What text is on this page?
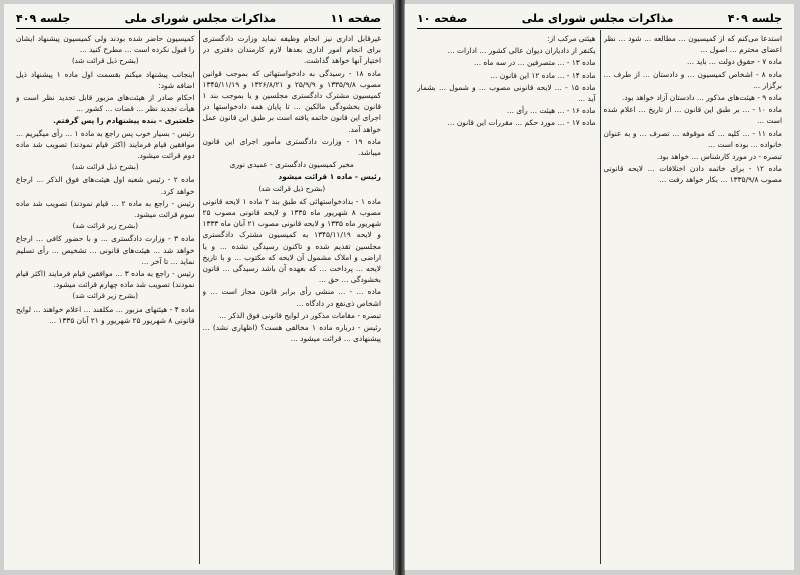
صفحه ۱۱
مذاکرات مجلس شورای ملی
جلسه ۴۰۹

غیرقابل اداری نیز انجام وظیفه نماید وزارت دادگستری برای انجام امور اداری بعدها لازم کارمندان دفتری در اختیار آنها خواهد گذاشت.

ماده ۱۸ - رسیدگی به دادخواستهائی که بموجب قوانین مصوب ۱۳۳۵/۹/۸ و ۲۵/۹/۹ و ۱۳۲۶/۸/۲۱ و ۱۳۴۵/۱۱/۱۹ کمیسیون مشترک دادگستری مجلسین و یا بموجب بند ۱ قانون بخشودگی مالکین ... تا پایان همه دادخواستها در اجرای این قانون خاتمه یافته است بر طبق این قانون عمل خواهد آمد.

ماده ۱۹ - وزارت دادگستری مأمور اجرای این قانون میباشد.

مخبر کمیسیون دادگستری - عمیدی نوری

رئیس - ماده ۱ قرائت میشود

(بشرح ذیل قرائت شد)

ماده ۱ - بدادخواستهائی که طبق بند ۲ ماده ۱ لایحه قانونی مصوب ۸ شهریور ماه ۱۳۳۵ و لایحه قانونی مصوب ۲۵ شهریور ماه ۱۳۳۵ و لایحه قانونی مصوب ۲۱ آبان ماه ۱۳۳۳ و لایحه ۱۳۴۵/۱۱/۱۹ به کمیسیون مشترک دادگستری مجلسین تقدیم شده و تاکنون رسیدگی نشده ... و یا اراضی و املاک مشمول آن لایحه که مکتوب ... و با تاریخ لایحه ... پرداخت ... که بعهده آن باشد رسیدگی ... قانون بخشودگی ... حق ...

ماده ... - ... منشی رأی برابر قانون مجاز است ... و اشخاص ذی‌نفع در دادگاه ...

تبصره - مقامات مذکور در لوایح قانونی فوق الذکر ...

رئیس - درباره ماده ۱ مخالفی هست؟ (اظهاری نشد) ... پیشنهادی ... قرائت میشود ...

کمیسیون حاضر شده بودند ولی کمیسیون پیشنهاد ایشان را قبول نکرده است ... مطرح کنید ...

(بشرح ذیل قرائت شد)

اینجانب پیشنهاد میکنم بقسمت اول ماده ۱ پیشنهاد ذیل اضافه شود:

احکام صادر از هیئت‌های مزبور قابل تجدید نظر است و هیأت تجدید نظر ... قضات ... کشور ...

خلعتبری - بنده پیشنهادم را پس گرفتم.

رئیس - بسیار خوب پس راجع به ماده ۱ ... رأی میگیریم ... موافقین قیام فرمایند (اکثر قیام نمودند) تصویب شد ماده دوم قرائت میشود.

(بشرح ذیل قرائت شد)

ماده ۲ - رئیس شعبه اول هیئت‌های فوق الذکر ... ارجاع خواهد کرد.

رئیس - راجع به ماده ۲ ... قیام نمودند) تصویب شد ماده سوم قرائت میشود.

(بشرح زیر قرائت شد)

ماده ۳ - وزارت دادگستری ... و با حضور کافی ... ارجاع خواهد شد ... هیئت‌های قانونی ... تشخیص ... رأی تسلیم نماید ... تا آخر ...

رئیس - راجع به ماده ۳ ... موافقین قیام فرمایند (اکثر قیام نمودند) تصویب شد ماده چهارم قرائت میشود.

(بشرح زیر قرائت شد)

ماده ۴ - هیئتهای مزبور ... مکلفند ... اعلام خواهند ... لوایح قانونی ۸ شهریور ۲۵ شهریور و ۲۱ آبان ۱۳۳۵ ...

جلسه ۴۰۹
مذاکرات مجلس شورای ملی
صفحه ۱۰

استدعا می‌کنم که از کمیسیون ... مطالعه ... شود ... نظر اعضای محترم ... اصول ...

ماده ۷ - حقوق دولت ... باید ...

ماده ۸ - اشخاص کمیسیون ... و دادستان ... از طرف ... برگزار ...

ماده ۹ - هیئت‌های مذکور ... دادستان آزاد خواهد بود.

ماده ۱۰ - ... بر طبق این قانون ... از تاریخ ... اعلام شده است ...

ماده ۱۱ - ... کلیه ... که موقوفه ... تصرف ... و به عنوان خانواده ... بوده است ...

تبصره - در مورد کارشناس ... خواهد بود.

ماده ۱۲ - برای خاتمه دادن اختلافات ... لایحه قانونی مصوب ۱۳۳۵/۹/۸ ... بکار خواهد رفت ...

هیئتی مرکب از:

یکنفر از دادیاران دیوان عالی کشور ... ادارات ...

ماده ۱۳ - ... متصرفین ... در سه ماه ...

ماده ۱۴ - ... ماده ۱۲ این قانون ...

ماده ۱۵ - ... لایحه قانونی مصوب ... و شمول ... بشمار آید ...

ماده ۱۶ - ... هیئت ... رأی ...

ماده ۱۷ - ... مورد حکم ... مقررات این قانون ...
